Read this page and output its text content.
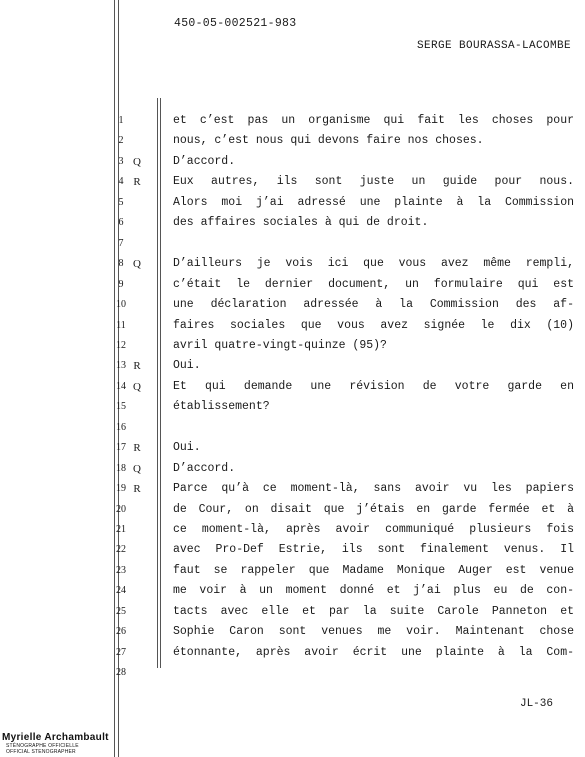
450-05-002521-983
SERGE BOURASSA-LACOMBE
1	et c’est pas un organisme qui fait les choses pour
2	nous, c’est nous qui devons faire nos choses.
3 Q	D’accord.
4 R	Eux autres, ils sont juste un guide pour nous.
5	Alors moi j’ai adressé une plainte à la Commission
6	des affaires sociales à qui de droit.
7
8 Q	D’ailleurs je vois ici que vous avez même rempli,
9	c’était le dernier document, un formulaire qui est
10	une déclaration adressée à la Commission des af-
11	faires sociales que vous avez signée le dix (10)
12	avril quatre-vingt-quinze (95)?
13 R	Oui.
14 Q	Et qui demande une révision de votre garde en
15	établissement?
16
17 R	Oui.
18 Q	D’accord.
19 R	Parce qu’à ce moment-là, sans avoir vu les papiers
20	de Cour, on disait que j’étais en garde fermée et à
21	ce moment-là, après avoir communiqué plusieurs fois
22	avec Pro-Def Estrie, ils sont finalement venus. Il
23	faut se rappeler que Madame Monique Auger est venue
24	me voir à un moment donné et j’ai plus eu de con-
25	tacts avec elle et par la suite Carole Panneton et
26	Sophie Caron sont venues me voir. Maintenant chose
27	étonnante, après avoir écrit une plainte à la Com-
28
JL-36
Myrielle Archambault
STÉNOGRAPHE OFFICIELLE
OFFICIAL STENOGRAPHER
